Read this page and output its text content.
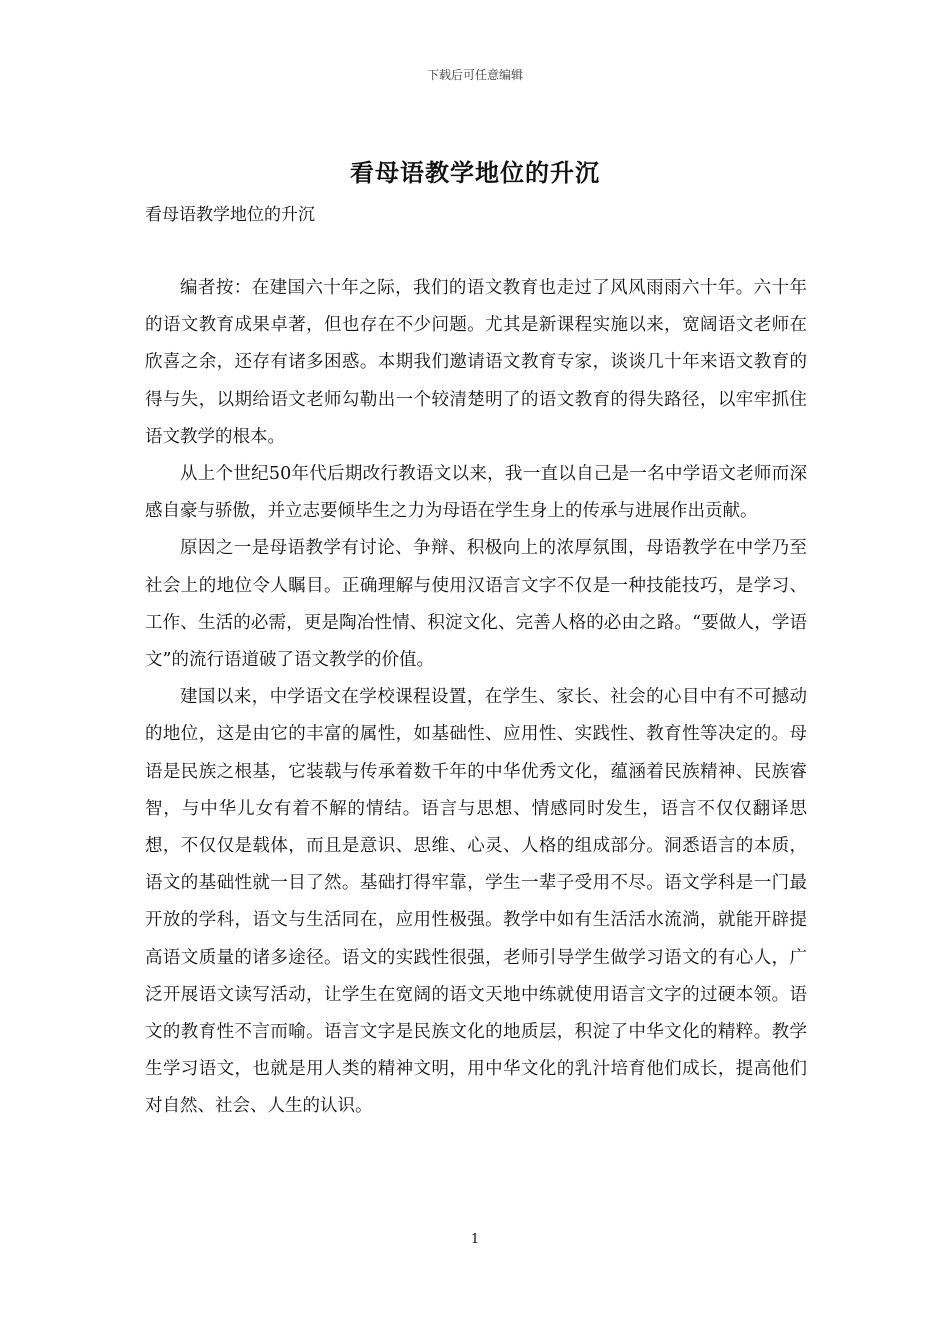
下载后可任意编辑
看母语教学地位的升沉
看母语教学地位的升沉

编者按：在建国六十年之际，我们的语文教育也走过了风风雨雨六十年。六十年的语文教育成果卓著，但也存在不少问题。尤其是新课程实施以来，宽阔语文老师在欣喜之余，还存有诸多困惑。本期我们邀请语文教育专家，谈谈几十年来语文教育的得与失，以期给语文老师勾勒出一个较清楚明了的语文教育的得失路径，以牢牢抓住语文教学的根本。

从上个世纪50年代后期改行教语文以来，我一直以自己是一名中学语文老师而深感自豪与骄傲，并立志要倾毕生之力为母语在学生身上的传承与进展作出贡献。

原因之一是母语教学有讨论、争辩、积极向上的浓厚氛围，母语教学在中学乃至社会上的地位令人瞩目。正确理解与使用汉语言文字不仅是一种技能技巧，是学习、工作、生活的必需，更是陶冶性情、积淀文化、完善人格的必由之路。“要做人，学语文”的流行语道破了语文教学的价值。

建国以来，中学语文在学校课程设置，在学生、家长、社会的心目中有不可撼动的地位，这是由它的丰富的属性，如基础性、应用性、实践性、教育性等决定的。母语是民族之根基，它装载与传承着数千年的中华优秀文化，蕴涵着民族精神、民族睿智，与中华儿女有着不解的情结。语言与思想、情感同时发生，语言不仅仅翻译思想，不仅仅是载体，而且是意识、思维、心灵、人格的组成部分。洞悉语言的本质，语文的基础性就一目了然。基础打得牢靠，学生一辈子受用不尽。语文学科是一门最开放的学科，语文与生活同在，应用性极强。教学中如有生活活水流淌，就能开辟提高语文质量的诸多途径。语文的实践性很强，老师引导学生做学习语文的有心人，广泛开展语文读写活动，让学生在宽阔的语文天地中练就使用语言文字的过硬本领。语文的教育性不言而喻。语言文字是民族文化的地质层，积淀了中华文化的精粹。教学生学习语文，也就是用人类的精神文明，用中华文化的乳汁培育他们成长，提高他们对自然、社会、人生的认识。

1
